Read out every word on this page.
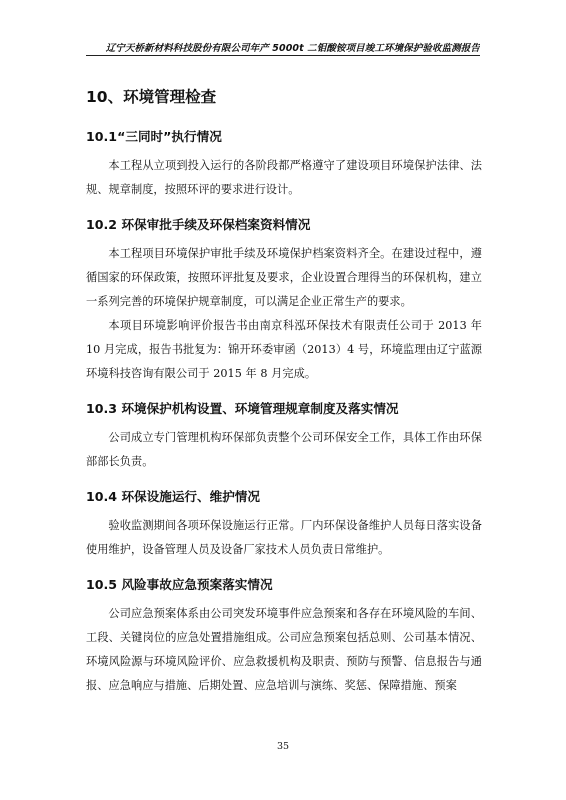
辽宁天桥新材料科技股份有限公司年产 5000t 二钼酸铵项目竣工环境保护验收监测报告
10、环境管理检查
10.1“三同时”执行情况

本工程从立项到投入运行的各阶段都严格遵守了建设项目环境保护法律、法规、规章制度，按照环评的要求进行设计。

10.2 环保审批手续及环保档案资料情况

本工程项目环境保护审批手续及环境保护档案资料齐全。在建设过程中，遵循国家的环保政策，按照环评批复及要求，企业设置合理得当的环保机构，建立一系列完善的环境保护规章制度，可以满足企业正常生产的要求。

本项目环境影响评价报告书由南京科泓环保技术有限责任公司于 2013 年 10 月完成，报告书批复为：锦开环委审函（2013）4 号，环境监理由辽宁蓝源环境科技咨询有限公司于 2015 年 8 月完成。

10.3 环境保护机构设置、环境管理规章制度及落实情况

公司成立专门管理机构环保部负责整个公司环保安全工作，具体工作由环保部部长负责。

10.4 环保设施运行、维护情况

验收监测期间各项环保设施运行正常。厂内环保设备维护人员每日落实设备使用维护，设备管理人员及设备厂家技术人员负责日常维护。

10.5 风险事故应急预案落实情况

公司应急预案体系由公司突发环境事件应急预案和各存在环境风险的车间、工段、关键岗位的应急处置措施组成。公司应急预案包括总则、公司基本情况、环境风险源与环境风险评价、应急救援机构及职责、预防与预警、信息报告与通报、应急响应与措施、后期处置、应急培训与演练、奖惩、保障措施、预案

35
